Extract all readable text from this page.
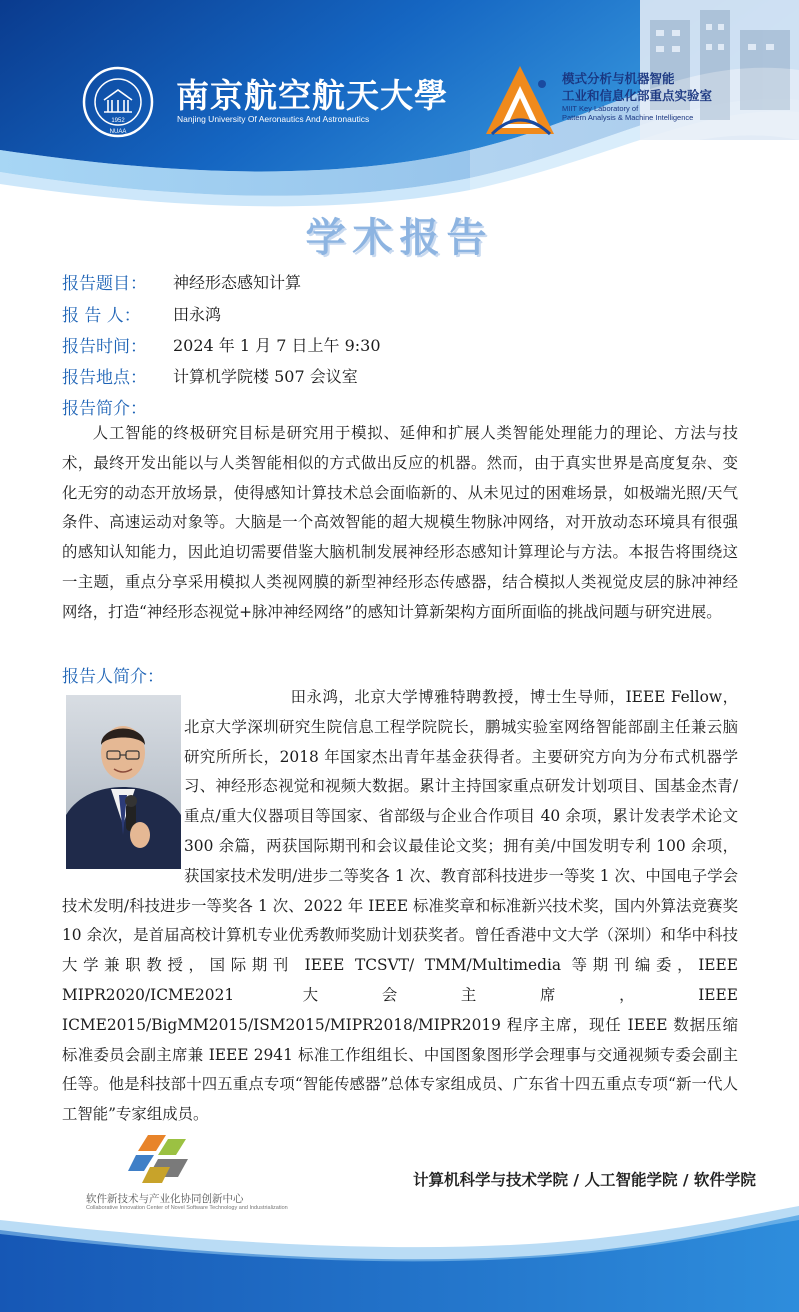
1952
NUAA
南京航空航天大學
Nanjing University Of Aeronautics And Astronautics
模式分析与机器智能
工业和信息化部重点实验室
MIIT Key Laboratory of
Pattern Analysis & Machine Intelligence
学术报告
报告题目： 神经形态感知计算
报 告 人： 田永鸿
报告时间： 2024 年 1 月 7 日上午 9:30
报告地点： 计算机学院楼 507 会议室
报告简介：

人工智能的终极研究目标是研究用于模拟、延伸和扩展人类智能处理能力的理论、方法与技术，最终开发出能以与人类智能相似的方式做出反应的机器。然而，由于真实世界是高度复杂、变化无穷的动态开放场景，使得感知计算技术总会面临新的、从未见过的困难场景，如极端光照/天气条件、高速运动对象等。大脑是一个高效智能的超大规模生物脉冲网络，对开放动态环境具有很强的感知认知能力，因此迫切需要借鉴大脑机制发展神经形态感知计算理论与方法。本报告将围绕这一主题，重点分享采用模拟人类视网膜的新型神经形态传感器，结合模拟人类视觉皮层的脉冲神经网络，打造“神经形态视觉+脉冲神经网络”的感知计算新架构方面所面临的挑战问题与研究进展。

报告人简介：
田永鸿，北京大学博雅特聘教授，博士生导师，IEEE Fellow，北京大学深圳研究生院信息工程学院院长，鹏城实验室网络智能部副主任兼云脑研究所所长，2018 年国家杰出青年基金获得者。主要研究方向为分布式机器学习、神经形态视觉和视频大数据。累计主持国家重点研发计划项目、国基金杰青/重点/重大仪器项目等国家、省部级与企业合作项目 40 余项，累计发表学术论文 300 余篇，两获国际期刊和会议最佳论文奖；拥有美/中国发明专利 100 余项，获国家技术发明/进步二等奖各 1 次、教育部科技进步一等奖 1 次、中国电子学会技术发明/科技进步一等奖各 1 次、2022 年 IEEE 标准奖章和标准新兴技术奖，国内外算法竞赛奖 10 余次，是首届高校计算机专业优秀教师奖励计划获奖者。曾任香港中文大学（深圳）和华中科技大学兼职教授，国际期刊 IEEE TCSVT/ TMM/Multimedia 等期刊编委，IEEE MIPR2020/ICME2021 大会主席，IEEE ICME2015/BigMM2015/ISM2015/MIPR2018/MIPR2019 程序主席，现任 IEEE 数据压缩标准委员会副主席兼 IEEE 2941 标准工作组组长、中国图象图形学会理事与交通视频专委会副主任等。他是科技部十四五重点专项“智能传感器”总体专家组成员、广东省十四五重点专项“新一代人工智能”专家组成员。
软件新技术与产业化协同创新中心
Collaborative Innovation Center of Novel Software Technology and Industrialization
计算机科学与技术学院 / 人工智能学院 / 软件学院
